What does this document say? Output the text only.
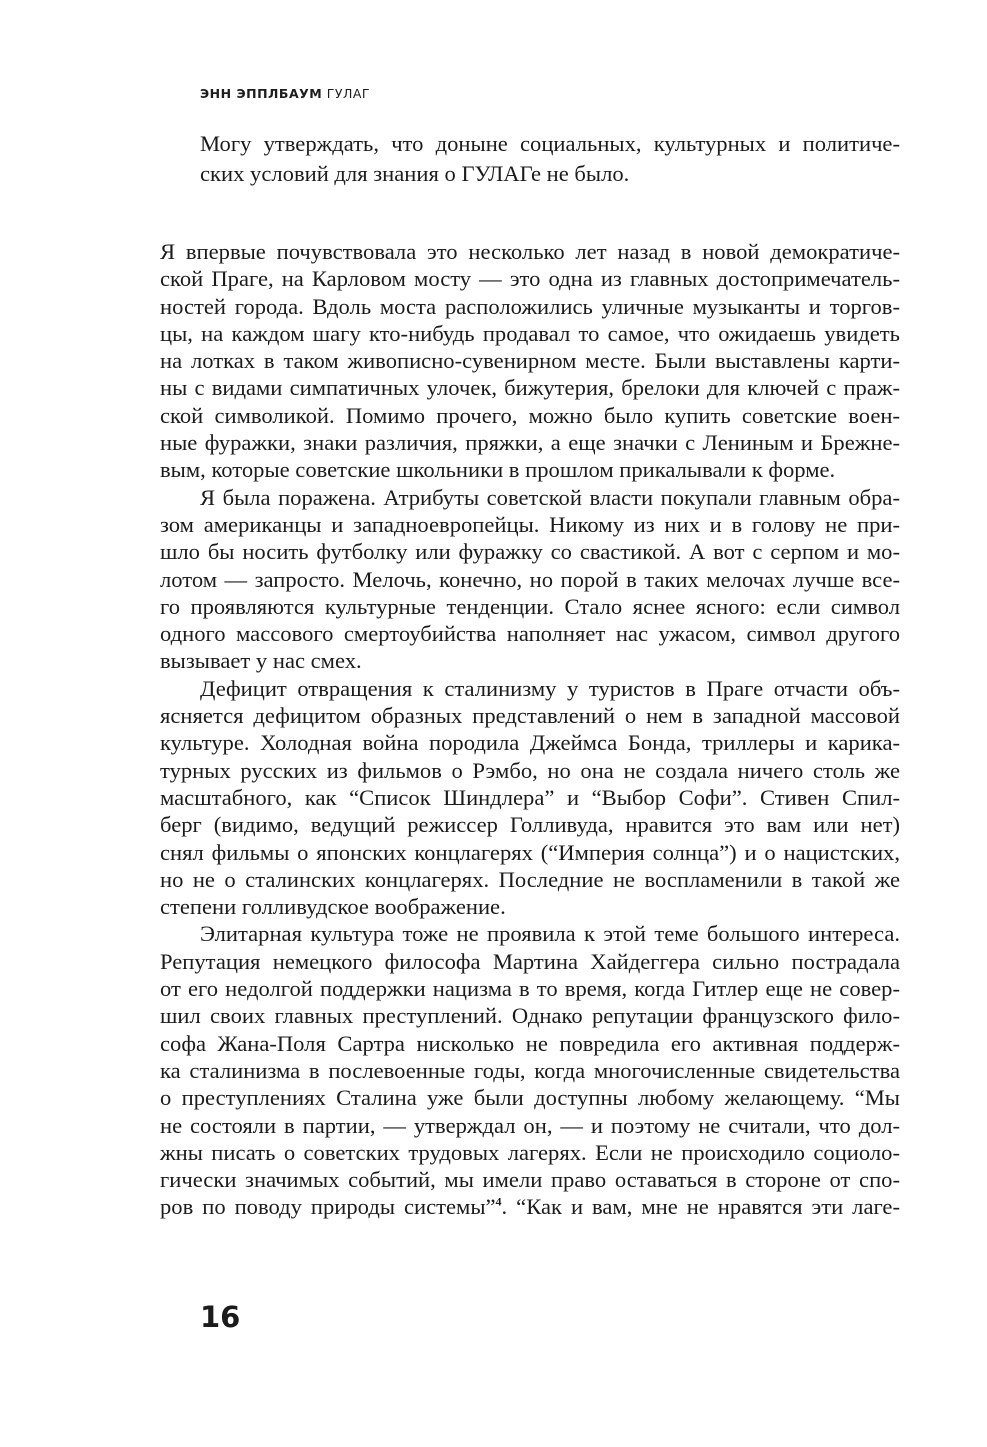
ЭНН ЭППЛБАУМ ГУЛАГ
Могу утверждать, что доныне социальных, культурных и политиче-
ских условий для знания о ГУЛАГе не было.
Я впервые почувствовала это несколько лет назад в новой демократиче-
ской Праге, на Карловом мосту — это одна из главных достопримечатель-
ностей города. Вдоль моста расположились уличные музыканты и торгов-
цы, на каждом шагу кто-нибудь продавал то самое, что ожидаешь увидеть
на лотках в таком живописно-сувенирном месте. Были выставлены карти-
ны с видами симпатичных улочек, бижутерия, брелоки для ключей с праж-
ской символикой. Помимо прочего, можно было купить советские воен-
ные фуражки, знаки различия, пряжки, а еще значки с Лениным и Брежне-
вым, которые советские школьники в прошлом прикалывали к форме.
Я была поражена. Атрибуты советской власти покупали главным обра-
зом американцы и западноевропейцы. Никому из них и в голову не при-
шло бы носить футболку или фуражку со свастикой. А вот с серпом и мо-
лотом — запросто. Мелочь, конечно, но порой в таких мелочах лучше все-
го проявляются культурные тенденции. Стало яснее ясного: если символ
одного массового смертоубийства наполняет нас ужасом, символ другого
вызывает у нас смех.
Дефицит отвращения к сталинизму у туристов в Праге отчасти объ-
ясняется дефицитом образных представлений о нем в западной массовой
культуре. Холодная война породила Джеймса Бонда, триллеры и карика-
турных русских из фильмов о Рэмбо, но она не создала ничего столь же
масштабного, как “Список Шиндлера” и “Выбор Софи”. Стивен Спил-
берг (видимо, ведущий режиссер Голливуда, нравится это вам или нет)
снял фильмы о японских концлагерях (“Империя солнца”) и о нацистских,
но не о сталинских концлагерях. Последние не воспламенили в такой же
степени голливудское воображение.
Элитарная культура тоже не проявила к этой теме большого интереса.
Репутация немецкого философа Мартина Хайдеггера сильно пострадала
от его недолгой поддержки нацизма в то время, когда Гитлер еще не совер-
шил своих главных преступлений. Однако репутации французского фило-
софа Жана-Поля Сартра нисколько не повредила его активная поддерж-
ка сталинизма в послевоенные годы, когда многочисленные свидетельства
о преступлениях Сталина уже были доступны любому желающему. “Мы
не состояли в партии, — утверждал он, — и поэтому не считали, что дол-
жны писать о советских трудовых лагерях. Если не происходило социоло-
гически значимых событий, мы имели право оставаться в стороне от спо-
ров по поводу природы системы”$^4$. “Как и вам, мне не нравятся эти лаге-
16
